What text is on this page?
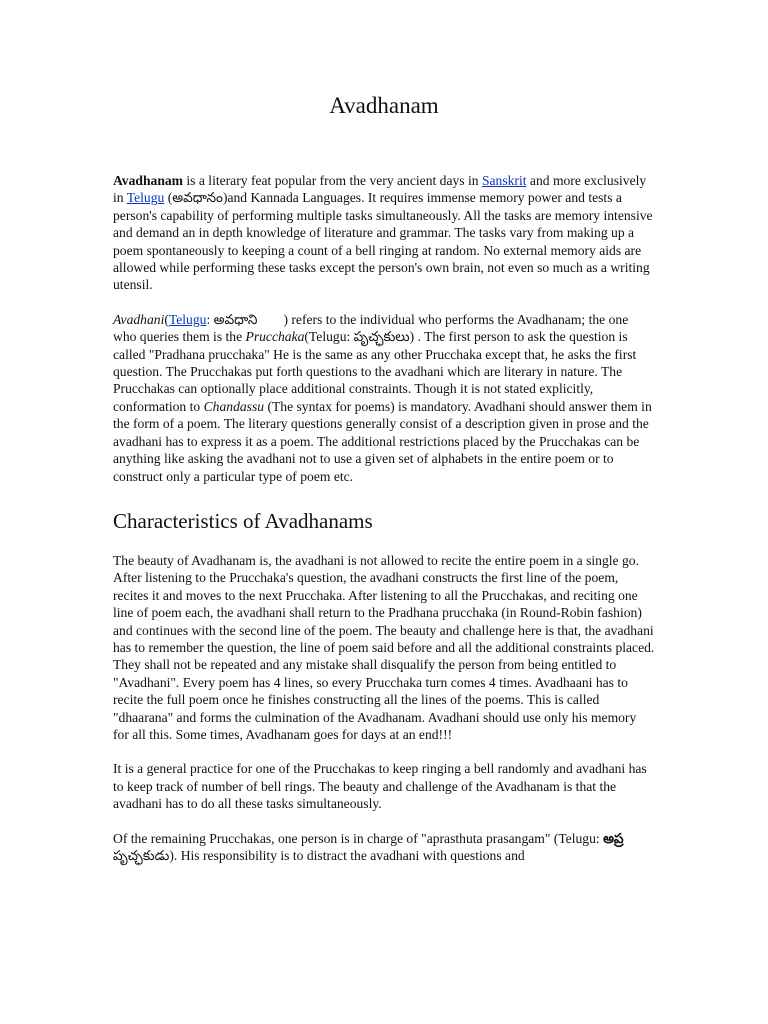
Avadhanam

Avadhanam is a literary feat popular from the very ancient days in Sanskrit and more exclusively in Telugu (అవధానం)and Kannada Languages. It requires immense memory power and tests a person's capability of performing multiple tasks simultaneously. All the tasks are memory intensive and demand an in depth knowledge of literature and grammar. The tasks vary from making up a poem spontaneously to keeping a count of a bell ringing at random. No external memory aids are allowed while performing these tasks except the person's own brain, not even so much as a writing utensil.

Avadhani(Telugu: అవధాని ) refers to the individual who performs the Avadhanam; the one who queries them is the Prucchaka(Telugu: పృచ్ఛకులు) . The first person to ask the question is called "Pradhana prucchaka" He is the same as any other Prucchaka except that, he asks the first question. The Prucchakas put forth questions to the avadhani which are literary in nature. The Prucchakas can optionally place additional constraints. Though it is not stated explicitly, conformation to Chandassu (The syntax for poems) is mandatory. Avadhani should answer them in the form of a poem. The literary questions generally consist of a description given in prose and the avadhani has to express it as a poem. The additional restrictions placed by the Prucchakas can be anything like asking the avadhani not to use a given set of alphabets in the entire poem or to construct only a particular type of poem etc.

Characteristics of Avadhanams

The beauty of Avadhanam is, the avadhani is not allowed to recite the entire poem in a single go. After listening to the Prucchaka's question, the avadhani constructs the first line of the poem, recites it and moves to the next Prucchaka. After listening to all the Prucchakas, and reciting one line of poem each, the avadhani shall return to the Pradhana prucchaka (in Round-Robin fashion) and continues with the second line of the poem. The beauty and challenge here is that, the avadhani has to remember the question, the line of poem said before and all the additional constraints placed. They shall not be repeated and any mistake shall disqualify the person from being entitled to "Avadhani". Every poem has 4 lines, so every Prucchaka turn comes 4 times. Avadhaani has to recite the full poem once he finishes constructing all the lines of the poems. This is called "dhaarana" and forms the culmination of the Avadhanam. Avadhani should use only his memory for all this. Some times, Avadhanam goes for days at an end!!!

It is a general practice for one of the Prucchakas to keep ringing a bell randomly and avadhani has to keep track of number of bell rings. The beauty and challenge of the Avadhanam is that the avadhani has to do all these tasks simultaneously.

Of the remaining Prucchakas, one person is in charge of "aprasthuta prasangam" (Telugu: అప్రపృచ్ఛకుడు). His responsibility is to distract the avadhani with questions and
